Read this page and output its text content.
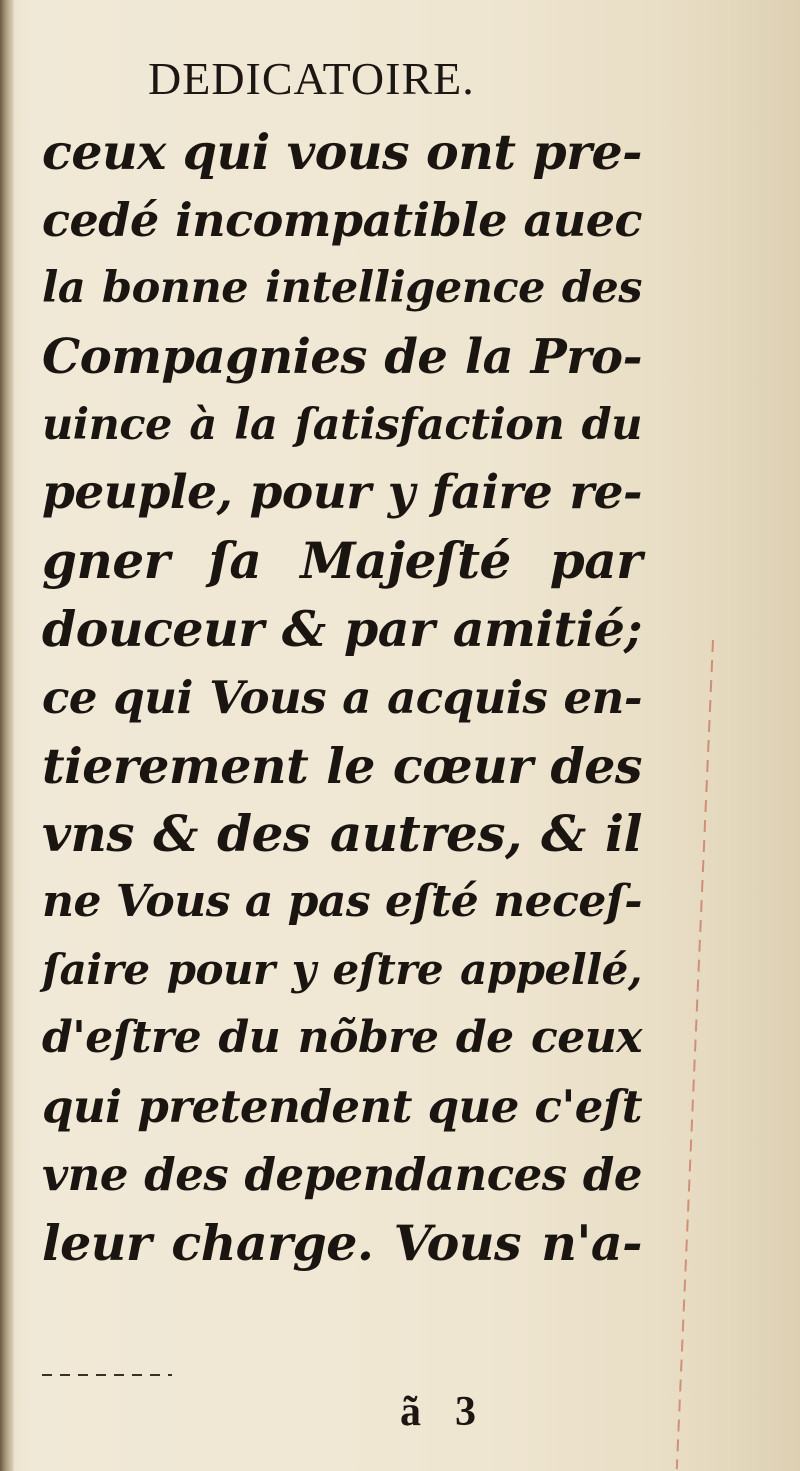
DEDICATOIRE.
ceux qui vous ont pre-
cedé incompatible auec
la bonne intelligence des
Compagnies de la Pro-
uince à la ſatisfaction du
peuple, pour y faire re-
gner ſa Majeſté par
douceur & par amitié;
ce qui Vous a acquis en-
tierement le cœur des
vns & des autres, & il
ne Vous a pas eſté neceſ-
ſaire pour y eſtre appellé,
d'eſtre du nõbre de ceux
qui pretendent que c'eſt
vne des dependances de
leur charge. Vous n'a-
ã 3
